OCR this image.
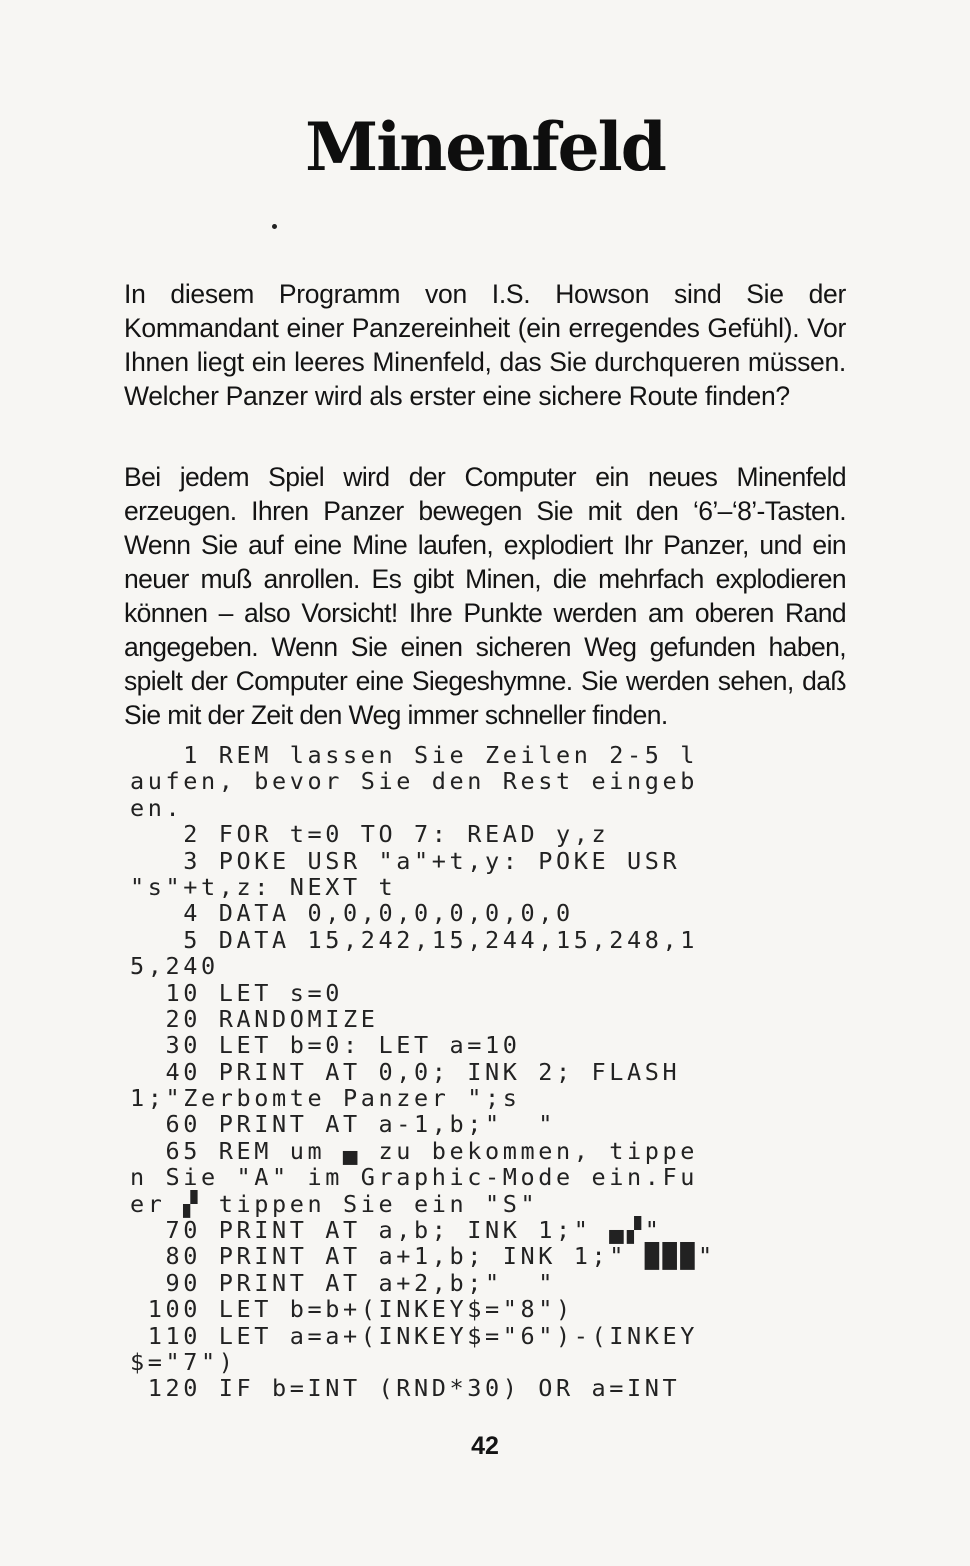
Minenfeld

In diesem Programm von I.S. Howson sind Sie der Kommandant einer Panzereinheit (ein erregendes Gefühl). Vor Ihnen liegt ein leeres Minenfeld, das Sie durchqueren müssen. Welcher Panzer wird als erster eine sichere Route finden?

Bei jedem Spiel wird der Computer ein neues Minenfeld erzeugen. Ihren Panzer bewegen Sie mit den ‘6’–‘8’-Tasten. Wenn Sie auf eine Mine laufen, explodiert Ihr Panzer, und ein neuer muß anrollen. Es gibt Minen, die mehrfach explodieren können – also Vorsicht! Ihre Punkte werden am oberen Rand angegeben. Wenn Sie einen sicheren Weg gefunden haben, spielt der Computer eine Siegeshymne. Sie werden sehen, daß Sie mit der Zeit den Weg immer schneller finden.

1 REM lassen Sie Zeilen 2-5 l
aufen, bevor Sie den Rest eingeb
en.
2 FOR t=0 TO 7: READ y,z
3 POKE USR "a"+t,y: POKE USR
"s"+t,z: NEXT t
4 DATA 0,0,0,0,0,0,0,0
5 DATA 15,242,15,244,15,248,1
5,240
10 LET s=0
20 RANDOMIZE
30 LET b=0: LET a=10
40 PRINT AT 0,0; INK 2; FLASH
1;"Zerbomte Panzer ";s
60 PRINT AT a-1,b;"  "
65 REM um ▄ zu bekommen, tippe
n Sie "A" im Graphic-Mode ein.Fu
er ▞ tippen Sie ein "S"
70 PRINT AT a,b; INK 1;" ▄▞"
80 PRINT AT a+1,b; INK 1;" ███"
90 PRINT AT a+2,b;"  "
100 LET b=b+(INKEY$="8")
110 LET a=a+(INKEY$="6")-(INKEY
$="7")
120 IF b=INT (RND*30) OR a=INT
42
